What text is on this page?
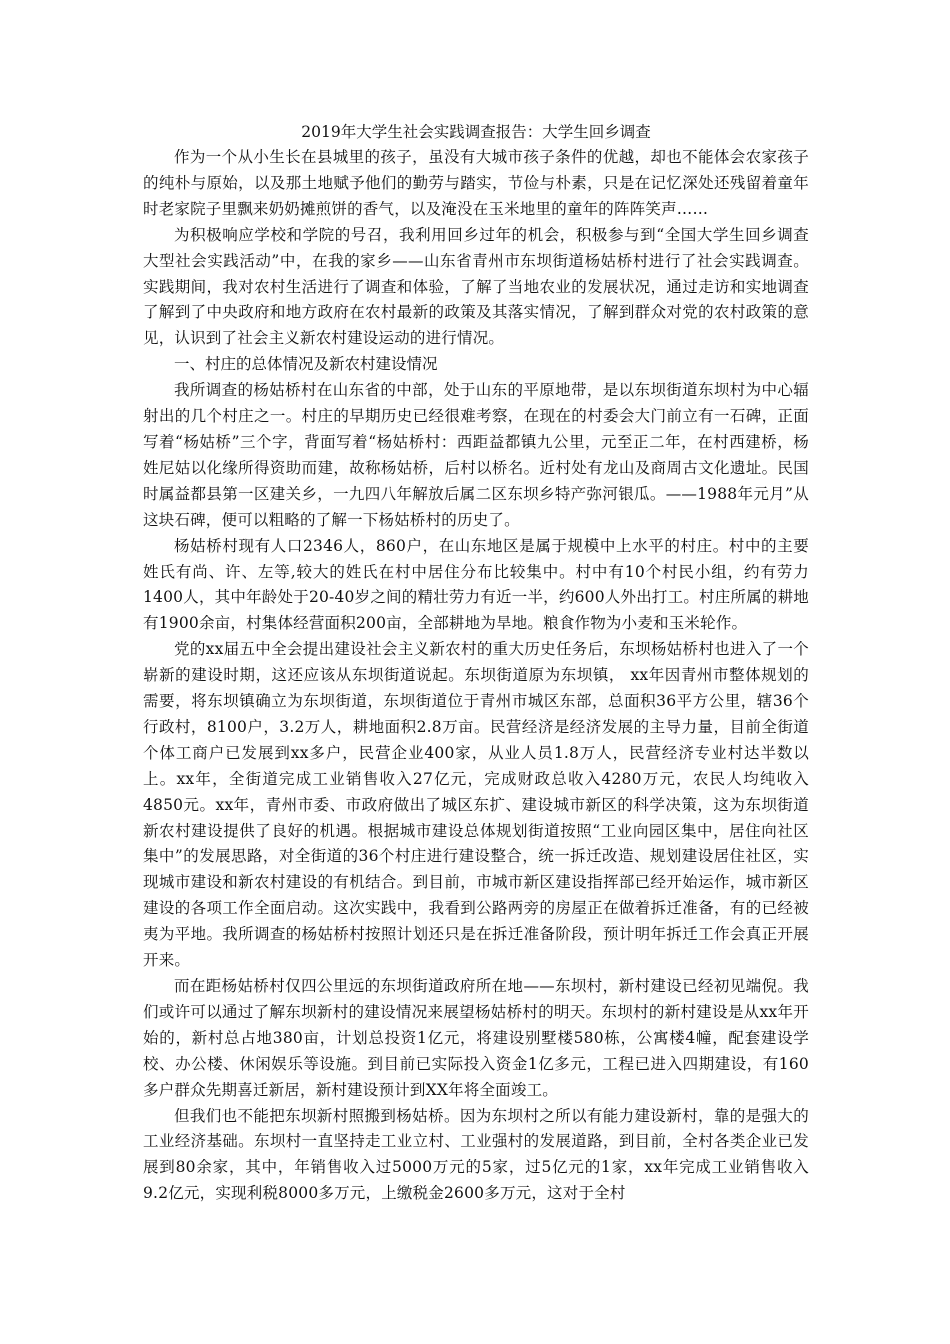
2019年大学生社会实践调查报告：大学生回乡调查

作为一个从小生长在县城里的孩子，虽没有大城市孩子条件的优越，却也不能体会农家孩子的纯朴与原始，以及那土地赋予他们的勤劳与踏实，节俭与朴素，只是在记忆深处还残留着童年时老家院子里飘来奶奶摊煎饼的香气，以及淹没在玉米地里的童年的阵阵笑声……

为积极响应学校和学院的号召，我利用回乡过年的机会，积极参与到“全国大学生回乡调查大型社会实践活动”中，在我的家乡——山东省青州市东坝街道杨姑桥村进行了社会实践调查。实践期间，我对农村生活进行了调查和体验，了解了当地农业的发展状况，通过走访和实地调查了解到了中央政府和地方政府在农村最新的政策及其落实情况，了解到群众对党的农村政策的意见，认识到了社会主义新农村建设运动的进行情况。

一、村庄的总体情况及新农村建设情况

我所调查的杨姑桥村在山东省的中部，处于山东的平原地带，是以东坝街道东坝村为中心辐射出的几个村庄之一。村庄的早期历史已经很难考察，在现在的村委会大门前立有一石碑，正面写着“杨姑桥”三个字，背面写着“杨姑桥村：西距益都镇九公里，元至正二年，在村西建桥，杨姓尼姑以化缘所得资助而建，故称杨姑桥，后村以桥名。近村处有龙山及商周古文化遗址。民国时属益都县第一区建关乡，一九四八年解放后属二区东坝乡特产弥河银瓜。——1988年元月”从这块石碑，便可以粗略的了解一下杨姑桥村的历史了。

杨姑桥村现有人口2346人，860户，在山东地区是属于规模中上水平的村庄。村中的主要姓氏有尚、许、左等,较大的姓氏在村中居住分布比较集中。村中有10个村民小组，约有劳力1400人，其中年龄处于20-40岁之间的精壮劳力有近一半，约600人外出打工。村庄所属的耕地有1900余亩，村集体经营面积200亩，全部耕地为旱地。粮食作物为小麦和玉米轮作。

党的xx届五中全会提出建设社会主义新农村的重大历史任务后，东坝杨姑桥村也进入了一个崭新的建设时期，这还应该从东坝街道说起。东坝街道原为东坝镇， xx年因青州市整体规划的需要，将东坝镇确立为东坝街道，东坝街道位于青州市城区东部，总面积36平方公里，辖36个行政村，8100户，3.2万人，耕地面积2.8万亩。民营经济是经济发展的主导力量，目前全街道个体工商户已发展到xx多户，民营企业400家，从业人员1.8万人，民营经济专业村达半数以上。xx年，全街道完成工业销售收入27亿元，完成财政总收入4280万元，农民人均纯收入4850元。xx年，青州市委、市政府做出了城区东扩、建设城市新区的科学决策，这为东坝街道新农村建设提供了良好的机遇。根据城市建设总体规划街道按照“工业向园区集中，居住向社区集中”的发展思路，对全街道的36个村庄进行建设整合，统一拆迁改造、规划建设居住社区，实现城市建设和新农村建设的有机结合。到目前，市城市新区建设指挥部已经开始运作，城市新区建设的各项工作全面启动。这次实践中，我看到公路两旁的房屋正在做着拆迁准备，有的已经被夷为平地。我所调查的杨姑桥村按照计划还只是在拆迁准备阶段，预计明年拆迁工作会真正开展开来。

而在距杨姑桥村仅四公里远的东坝街道政府所在地——东坝村，新村建设已经初见端倪。我们或许可以通过了解东坝新村的建设情况来展望杨姑桥村的明天。东坝村的新村建设是从xx年开始的，新村总占地380亩，计划总投资1亿元，将建设别墅楼580栋，公寓楼4幢，配套建设学校、办公楼、休闲娱乐等设施。到目前已实际投入资金1亿多元，工程已进入四期建设，有160多户群众先期喜迁新居，新村建设预计到XX年将全面竣工。

但我们也不能把东坝新村照搬到杨姑桥。因为东坝村之所以有能力建设新村，靠的是强大的工业经济基础。东坝村一直坚持走工业立村、工业强村的发展道路，到目前，全村各类企业已发展到80余家，其中，年销售收入过5000万元的5家，过5亿元的1家，xx年完成工业销售收入9.2亿元，实现利税8000多万元，上缴税金2600多万元，这对于全村
